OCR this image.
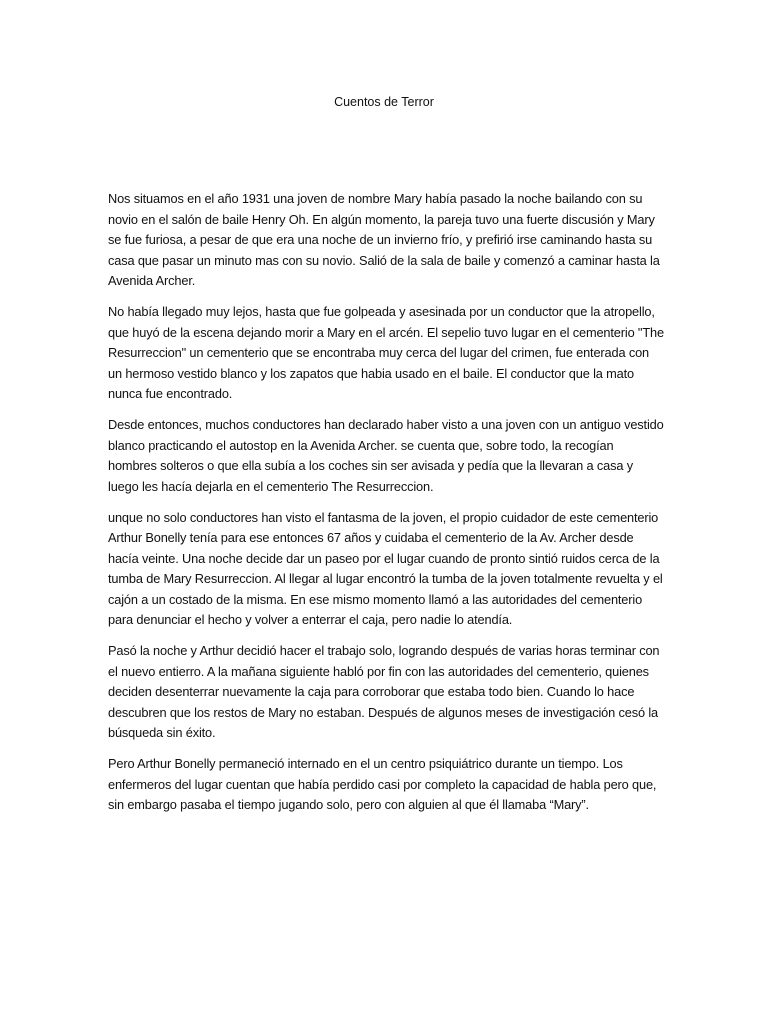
Cuentos de Terror

Nos situamos en el año 1931 una joven de nombre Mary había pasado la noche bailando con su novio en el salón de baile Henry Oh. En algún momento, la pareja tuvo una fuerte discusión y Mary se fue furiosa, a pesar de que era una noche de un invierno frío, y prefirió irse caminando hasta su casa que pasar un minuto mas con su novio. Salió de la sala de baile y comenzó a caminar hasta la Avenida Archer.

No había llegado muy lejos, hasta que fue golpeada y asesinada por un conductor que la atropello, que huyó de la escena dejando morir a Mary en el arcén. El sepelio tuvo lugar en el cementerio "The Resurreccion" un cementerio que se encontraba muy cerca del lugar del crimen, fue enterada con un hermoso vestido blanco y los zapatos que habia usado en el baile. El conductor que la mato nunca fue encontrado.

Desde entonces, muchos conductores han declarado haber visto a una joven con un antiguo vestido blanco practicando el autostop en la Avenida Archer. se cuenta que, sobre todo, la recogían hombres solteros o que ella subía a los coches sin ser avisada y pedía que la llevaran a casa y luego les hacía dejarla en el cementerio The Resurreccion.

unque no solo conductores han visto el fantasma de la joven, el propio cuidador de este cementerio Arthur Bonelly tenía para ese entonces 67 años y cuidaba el cementerio de la Av. Archer desde hacía veinte. Una noche decide dar un paseo por el lugar cuando de pronto sintió ruidos cerca de la tumba de Mary Resurreccion. Al llegar al lugar encontró la tumba de la joven totalmente revuelta y el cajón a un costado de la misma. En ese mismo momento llamó a las autoridades del cementerio para denunciar el hecho y volver a enterrar el caja, pero nadie lo atendía.

Pasó la noche y Arthur decidió hacer el trabajo solo, logrando después de varias horas terminar con el nuevo entierro. A la mañana siguiente habló por fin con las autoridades del cementerio, quienes deciden desenterrar nuevamente la caja para corroborar que estaba todo bien. Cuando lo hace descubren que los restos de Mary no estaban. Después de algunos meses de investigación cesó la búsqueda sin éxito.

Pero Arthur Bonelly permaneció internado en el un centro psiquiátrico durante un tiempo. Los enfermeros del lugar cuentan que había perdido casi por completo la capacidad de habla pero que, sin embargo pasaba el tiempo jugando solo, pero con alguien al que él llamaba “Mary”.
